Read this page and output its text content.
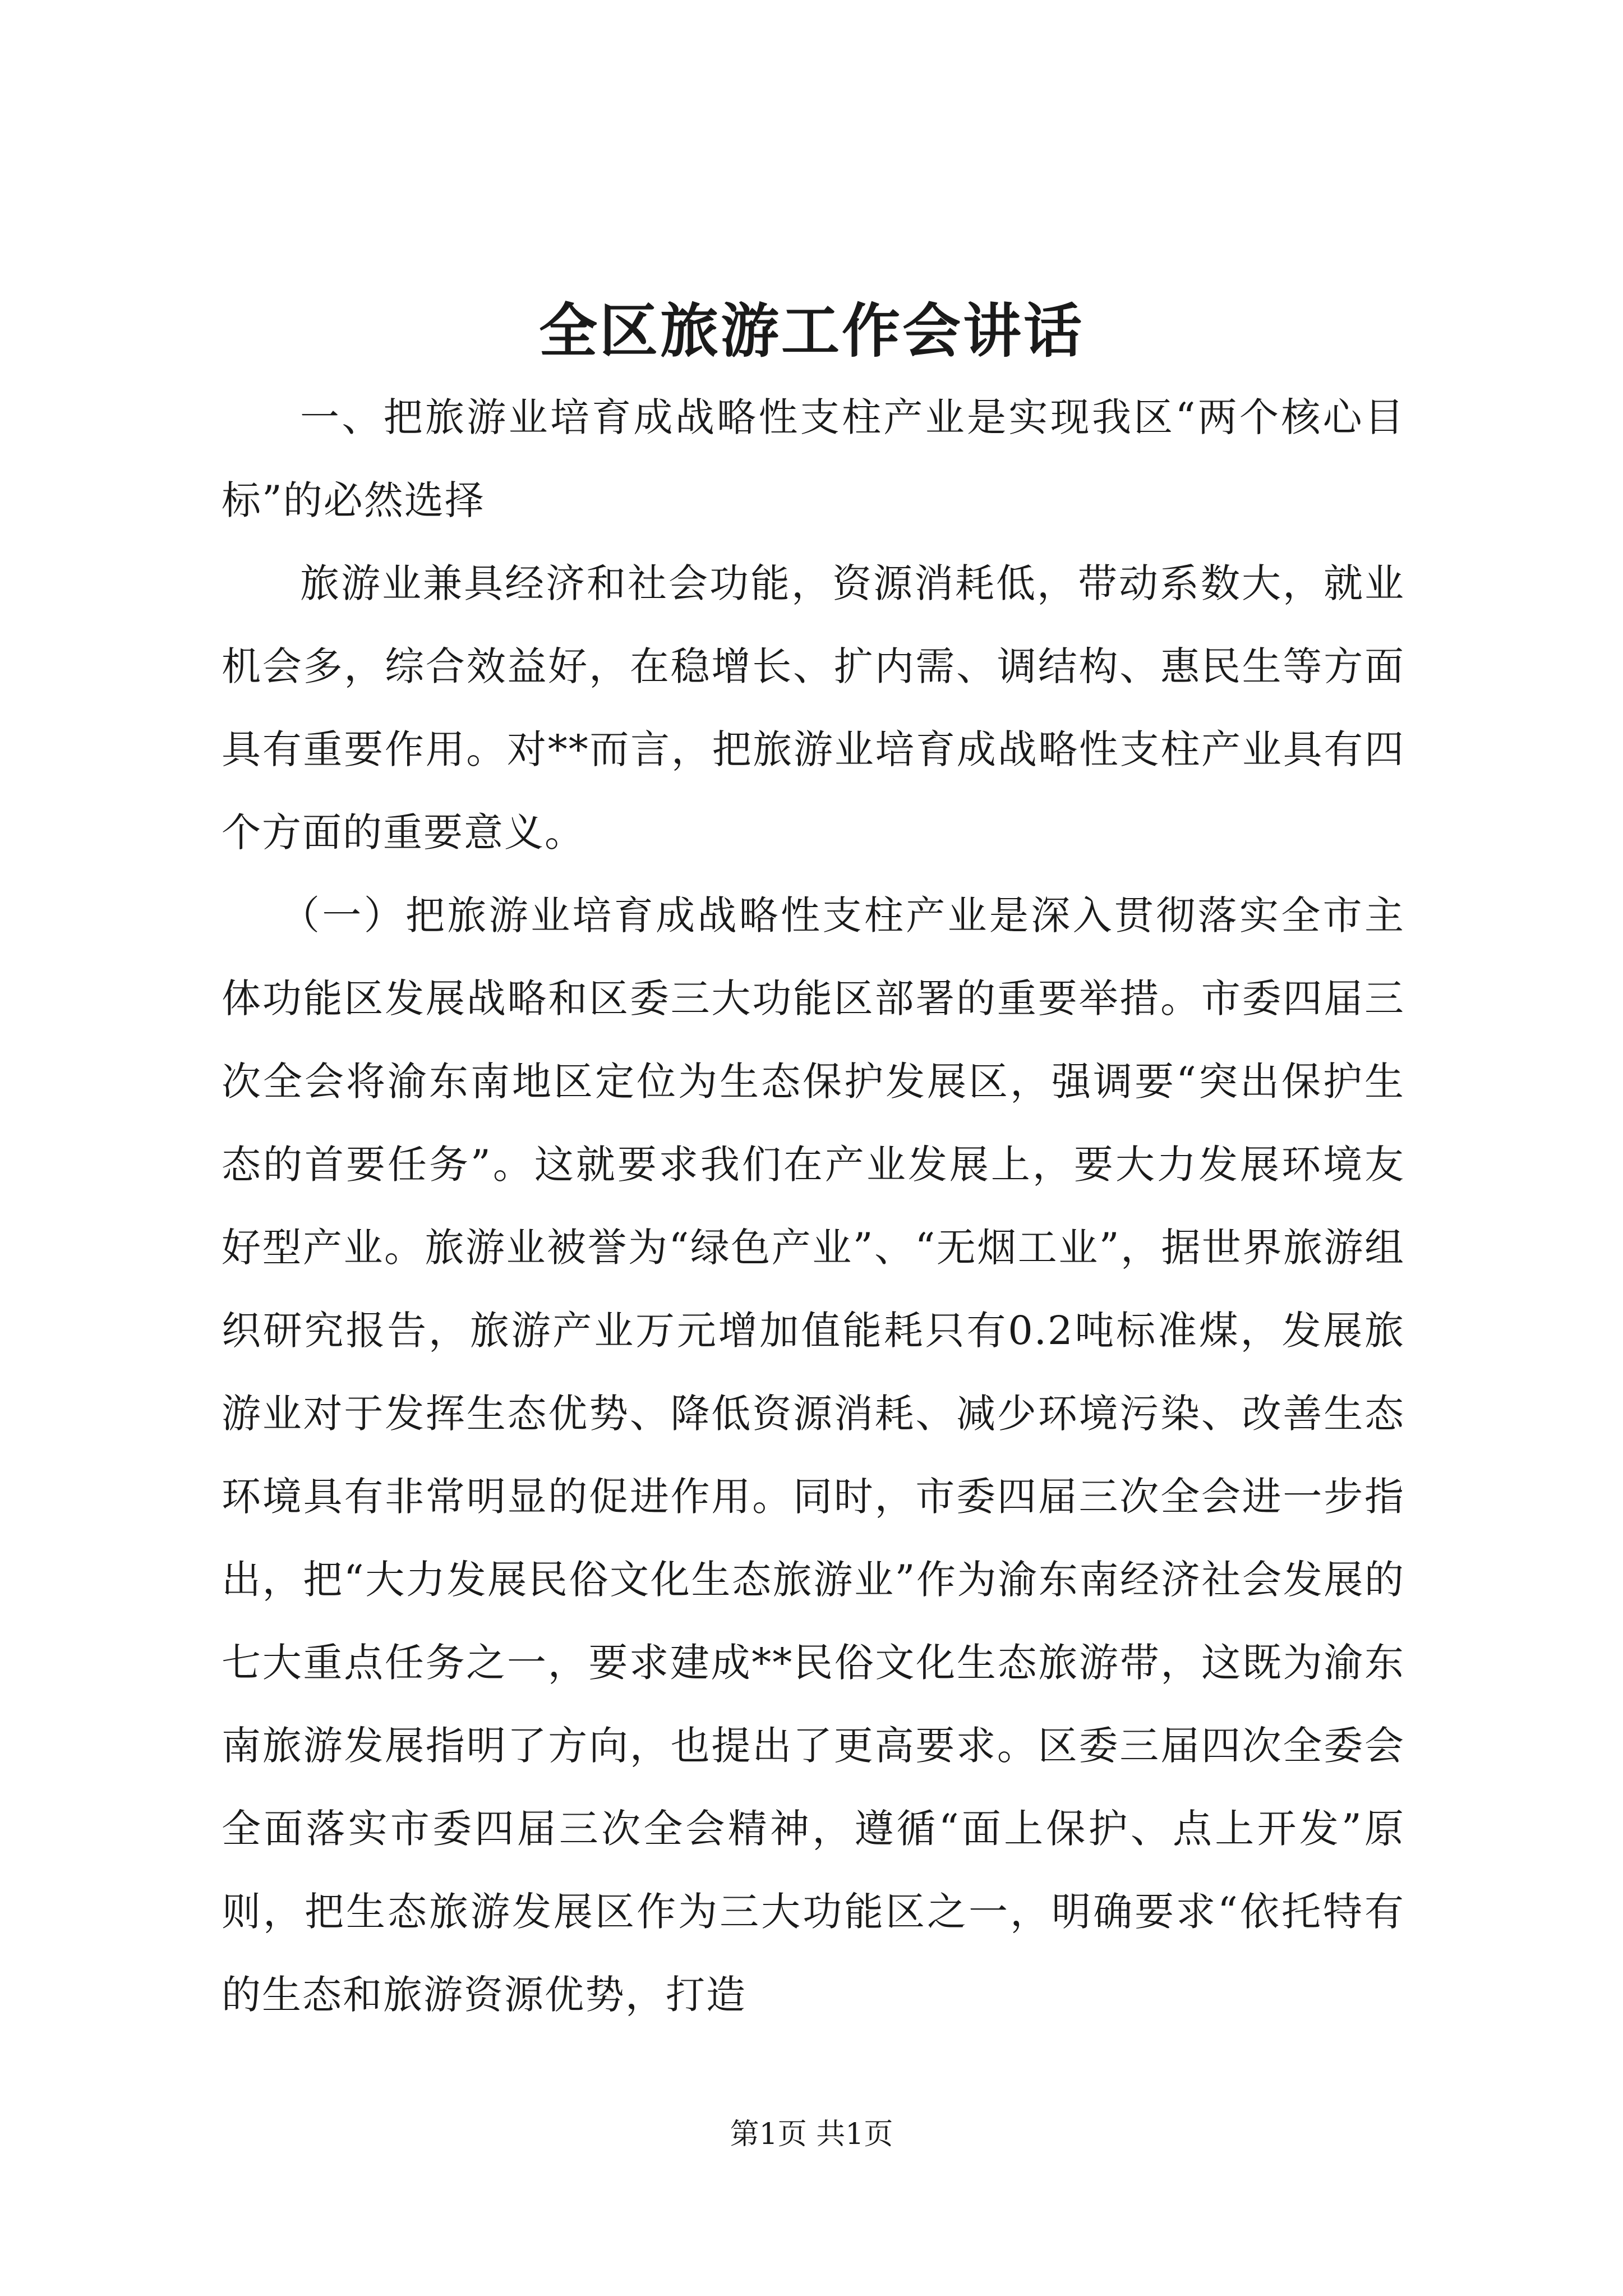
全区旅游工作会讲话

一、把旅游业培育成战略性支柱产业是实现我区“两个核心目标”的必然选择

旅游业兼具经济和社会功能，资源消耗低，带动系数大，就业机会多，综合效益好，在稳增长、扩内需、调结构、惠民生等方面具有重要作用。对**而言，把旅游业培育成战略性支柱产业具有四个方面的重要意义。

（一）把旅游业培育成战略性支柱产业是深入贯彻落实全市主体功能区发展战略和区委三大功能区部署的重要举措。市委四届三次全会将渝东南地区定位为生态保护发展区，强调要“突出保护生态的首要任务”。这就要求我们在产业发展上，要大力发展环境友好型产业。旅游业被誉为“绿色产业”、“无烟工业”，据世界旅游组织研究报告，旅游产业万元增加值能耗只有0.2吨标准煤，发展旅游业对于发挥生态优势、降低资源消耗、减少环境污染、改善生态环境具有非常明显的促进作用。同时，市委四届三次全会进一步指出，把“大力发展民俗文化生态旅游业”作为渝东南经济社会发展的七大重点任务之一，要求建成**民俗文化生态旅游带，这既为渝东南旅游发展指明了方向，也提出了更高要求。区委三届四次全委会全面落实市委四届三次全会精神，遵循“面上保护、点上开发”原则，把生态旅游发展区作为三大功能区之一，明确要求“依托特有的生态和旅游资源优势，打造

第1页 共1页
